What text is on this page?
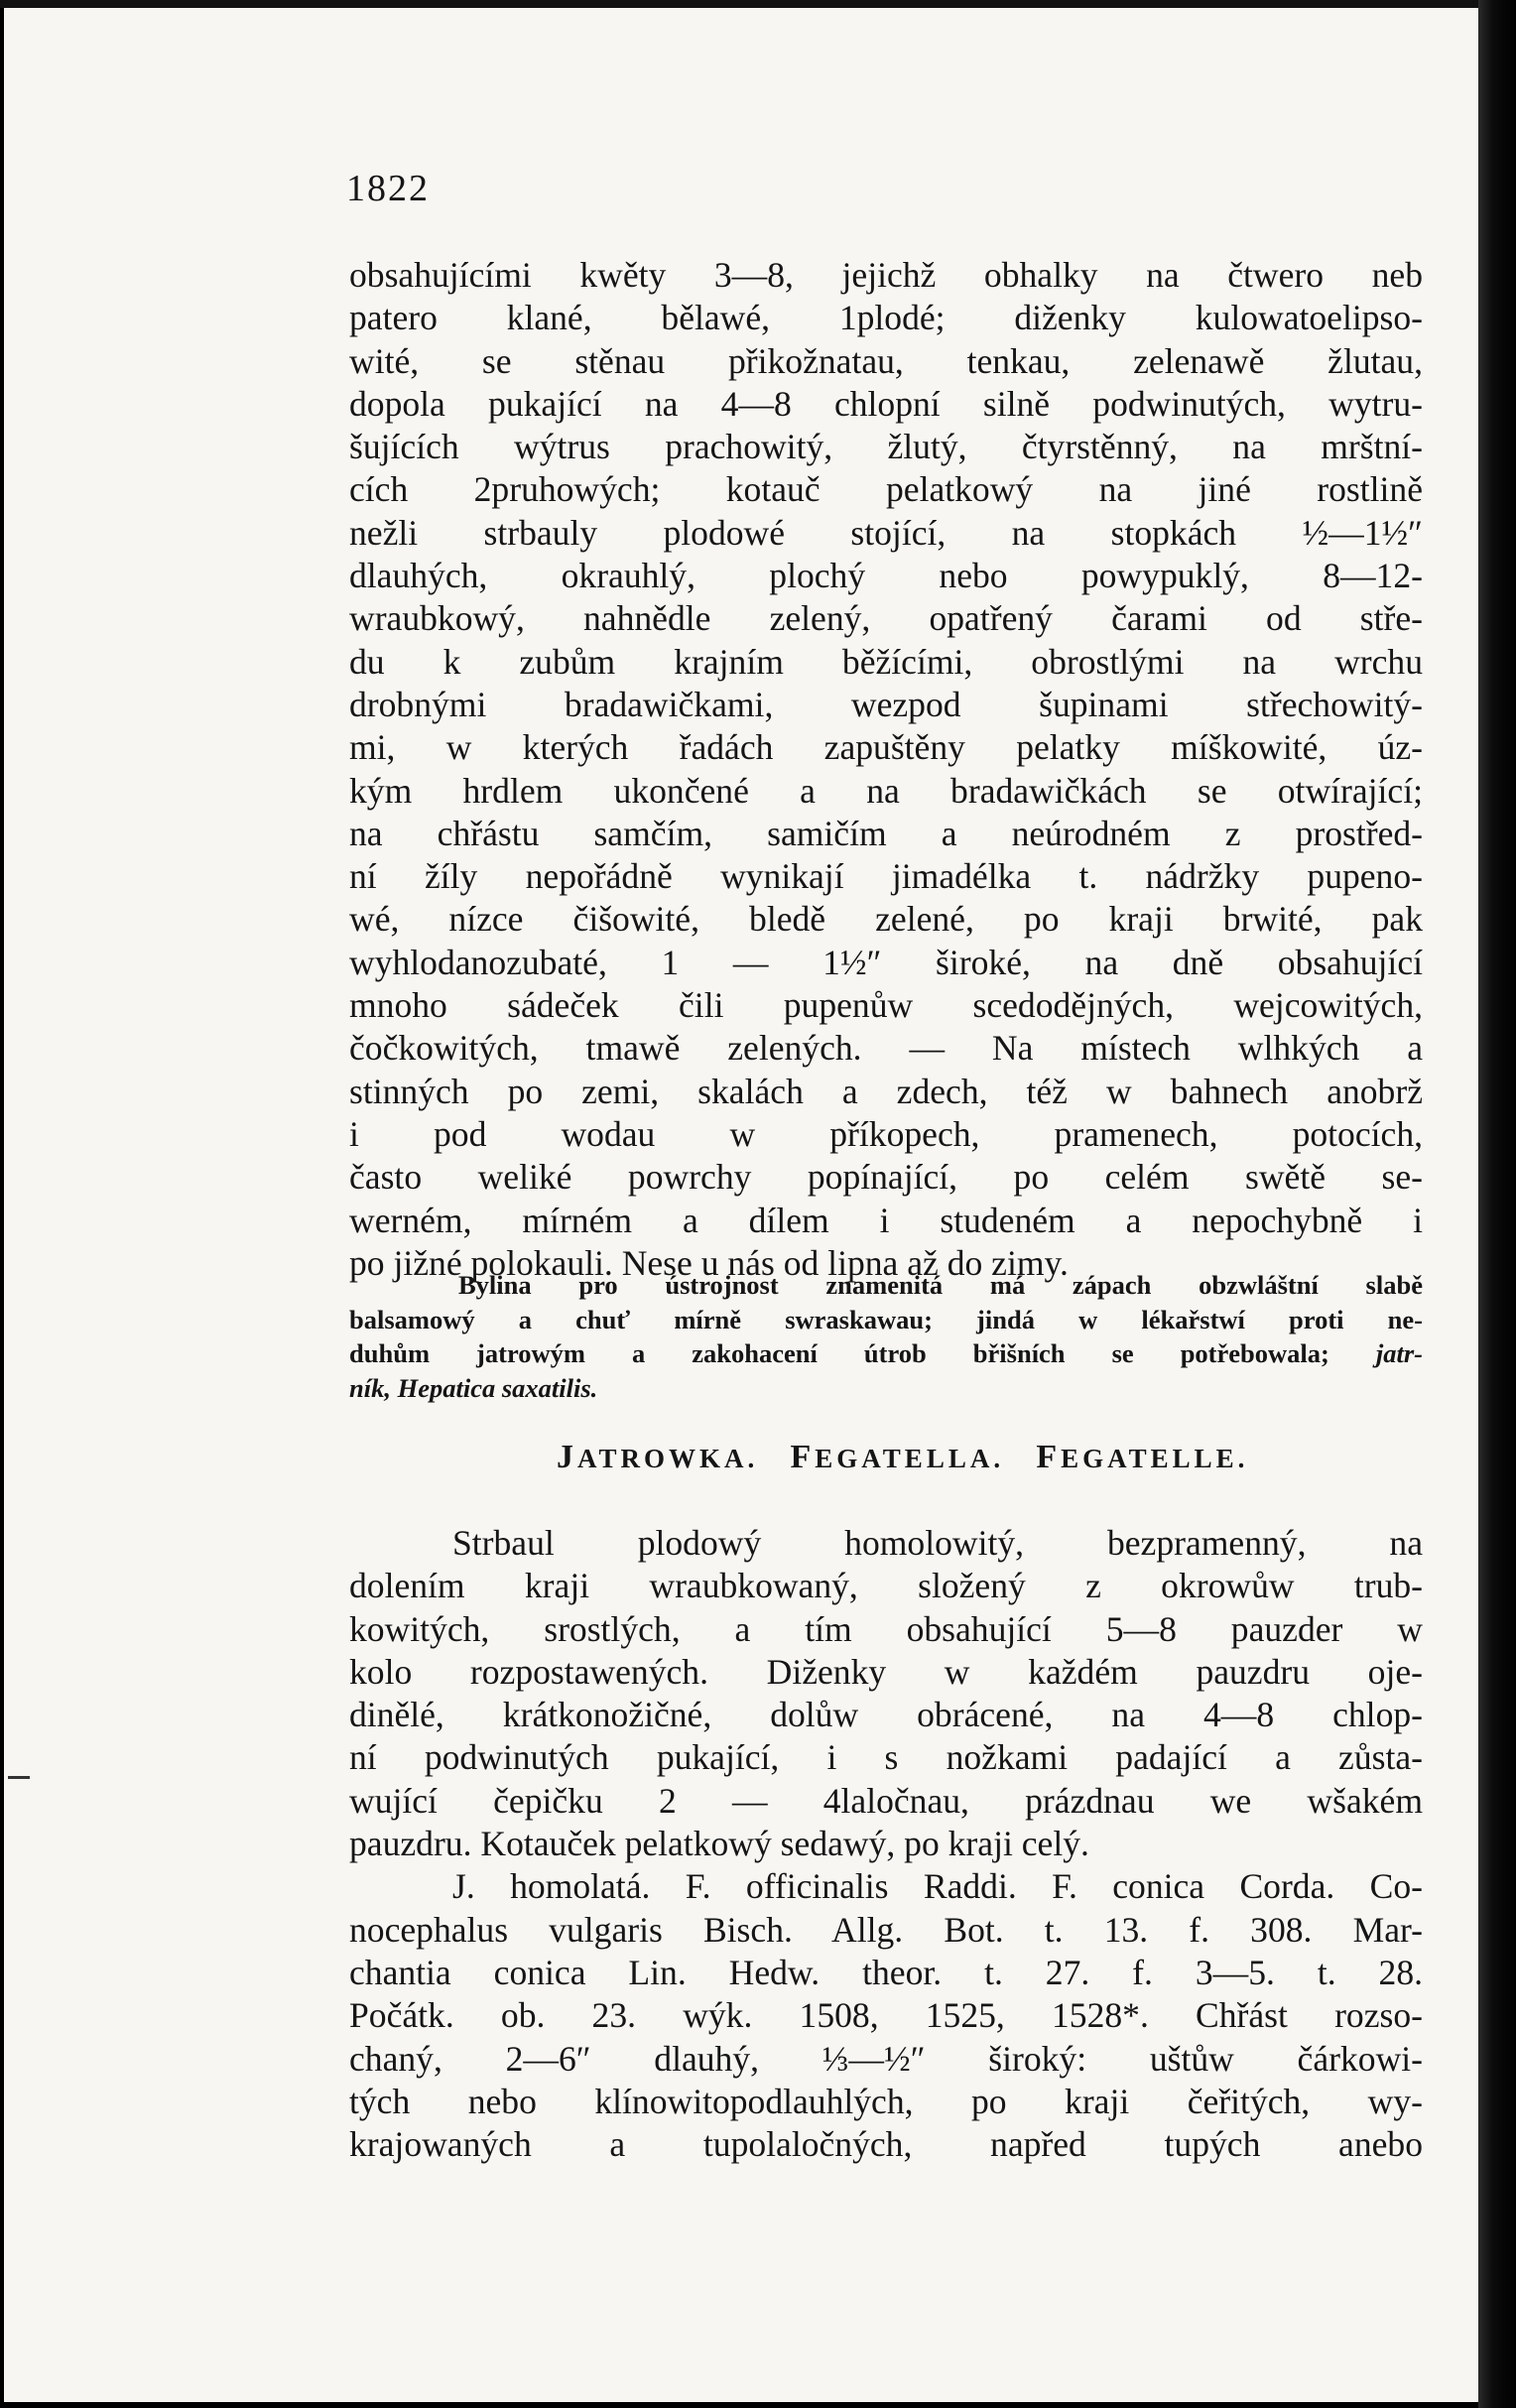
1822
obsahujícími kwěty 3—8, jejichž obhalky na čtwero neb
patero klané, bělawé, 1plodé; diženky kulowatoelipso-
wité, se stěnau přikožnatau, tenkau, zelenawě žlutau,
dopola pukající na 4—8 chlopní silně podwinutých, wytru-
šujících wýtrus prachowitý, žlutý, čtyrstěnný, na mrštní-
cích 2pruhowých; kotauč pelatkowý na jiné rostlině
nežli strbauly plodowé stojící, na stopkách ½—1½″
dlauhých, okrauhlý, plochý nebo powypuklý, 8—12-
wraubkowý, nahnědle zelený, opatřený čarami od stře-
du k zubům krajním běžícími, obrostlými na wrchu
drobnými bradawičkami, wezpod šupinami střechowitý-
mi, w kterých řadách zapuštěny pelatky míškowité, úz-
kým hrdlem ukončené a na bradawičkách se otwírající;
na chřástu samčím, samičím a neúrodném z prostřed-
ní žíly nepořádně wynikají jimadélka t. nádržky pupeno-
wé, nízce čišowité, bledě zelené, po kraji brwité, pak
wyhlodanozubaté, 1 — 1½″ široké, na dně obsahující
mnoho sádeček čili pupenůw scedodějných, wejcowitých,
čočkowitých, tmawě zelených. — Na místech wlhkých a
stinných po zemi, skalách a zdech, též w bahnech anobrž
i pod wodau w příkopech, pramenech, potocích,
často weliké powrchy popínající, po celém swětě se-
werném, mírném a dílem i studeném a nepochybně i
po jižné polokauli. Nese u nás od lipna až do zimy.
Bylina pro ústrojnost znamenitá má zápach obzwláštní slabě
balsamowý a chuť mírně swraskawau; jindá w lékařstwí proti ne-
duhům jatrowým a zakohacení útrob břišních se potřebowala; jatr-
ník, Hepatica saxatilis.
JATROWKA. FEGATELLA. FEGATELLE.
Strbaul plodowý homolowitý, bezpramenný, na
dolením kraji wraubkowaný, složený z okrowůw trub-
kowitých, srostlých, a tím obsahující 5—8 pauzder w
kolo rozpostawených. Diženky w každém pauzdru oje-
dinělé, krátkonožičné, dolůw obrácené, na 4—8 chlop-
ní podwinutých pukající, i s nožkami padající a zůsta-
wující čepičku 2 — 4laločnau, prázdnau we wšakém
pauzdru. Kotauček pelatkowý sedawý, po kraji celý.
J. homolatá. F. officinalis Raddi. F. conica Corda. Co-
nocephalus vulgaris Bisch. Allg. Bot. t. 13. f. 308. Mar-
chantia conica Lin. Hedw. theor. t. 27. f. 3—5. t. 28.
Počátk. ob. 23. wýk. 1508, 1525, 1528*. Chřást rozso-
chaný, 2—6″ dlauhý, ⅓—½″ široký: uštůw čárkowi-
tých nebo klínowitopodlauhlých, po kraji čeřitých, wy-
krajowaných a tupolaločných, napřed tupých anebo
